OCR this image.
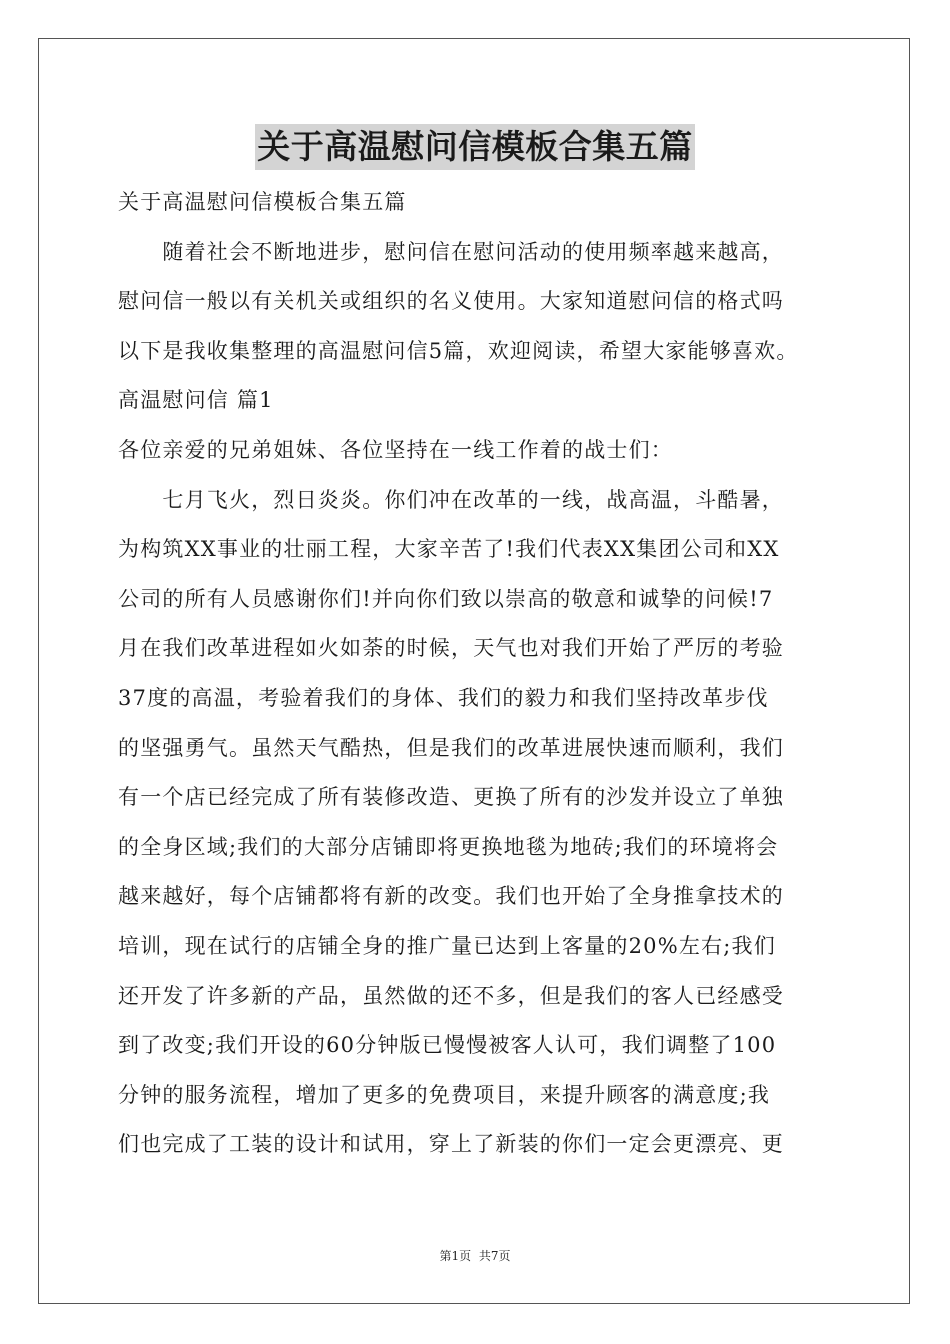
关于高温慰问信模板合集五篇

关于高温慰问信模板合集五篇

　　随着社会不断地进步，慰问信在慰问活动的使用频率越来越高，

慰问信一般以有关机关或组织的名义使用。大家知道慰问信的格式吗

以下是我收集整理的高温慰问信5篇，欢迎阅读，希望大家能够喜欢。

高温慰问信 篇1

各位亲爱的兄弟姐妹、各位坚持在一线工作着的战士们：

　　七月飞火，烈日炎炎。你们冲在改革的一线，战高温，斗酷暑，

为构筑XX事业的壮丽工程，大家辛苦了!我们代表XX集团公司和XX

公司的所有人员感谢你们!并向你们致以崇高的敬意和诚挚的问候!7

月在我们改革进程如火如荼的时候，天气也对我们开始了严厉的考验

37度的高温，考验着我们的身体、我们的毅力和我们坚持改革步伐

的坚强勇气。虽然天气酷热，但是我们的改革进展快速而顺利，我们

有一个店已经完成了所有装修改造、更换了所有的沙发并设立了单独

的全身区域;我们的大部分店铺即将更换地毯为地砖;我们的环境将会

越来越好，每个店铺都将有新的改变。我们也开始了全身推拿技术的

培训，现在试行的店铺全身的推广量已达到上客量的20%左右;我们

还开发了许多新的产品，虽然做的还不多，但是我们的客人已经感受

到了改变;我们开设的60分钟版已慢慢被客人认可，我们调整了100

分钟的服务流程，增加了更多的免费项目，来提升顾客的满意度;我

们也完成了工装的设计和试用，穿上了新装的你们一定会更漂亮、更

第1页 共7页
